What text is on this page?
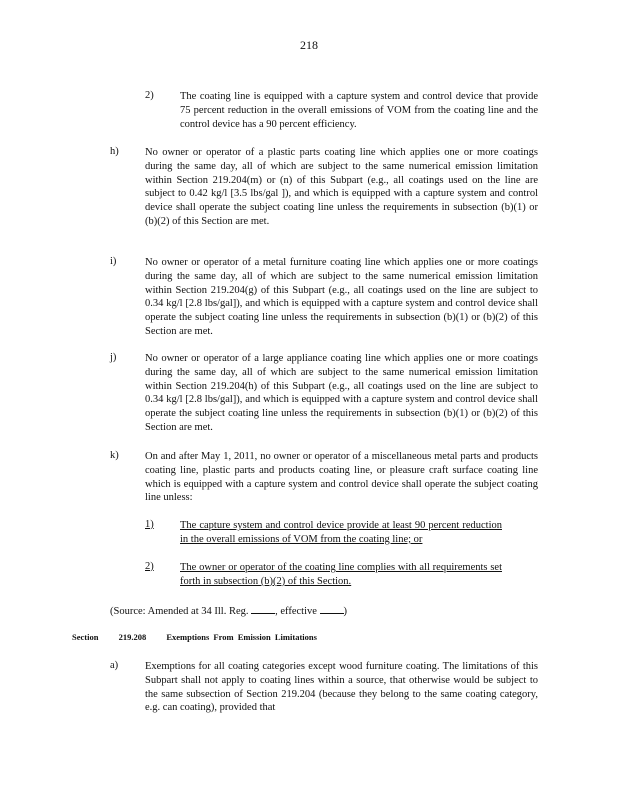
218
2)	The coating line is equipped with a capture system and control device that provide 75 percent reduction in the overall emissions of VOM from the coating line and the control device has a 90 percent efficiency.
h)	No owner or operator of a plastic parts coating line which applies one or more coatings during the same day, all of which are subject to the same numerical emission limitation within Section 219.204(m) or (n) of this Subpart (e.g., all coatings used on the line are subject to 0.42 kg/l [3.5 lbs/gal ]), and which is equipped with a capture system and control device shall operate the subject coating line unless the requirements in subsection (b)(1) or (b)(2) of this Section are met.
i)	No owner or operator of a metal furniture coating line which applies one or more coatings during the same day, all of which are subject to the same numerical emission limitation within Section 219.204(g) of this Subpart (e.g., all coatings used on the line are subject to 0.34 kg/l [2.8 lbs/gal]), and which is equipped with a capture system and control device shall operate the subject coating line unless the requirements in subsection (b)(1) or (b)(2) of this Section are met.
j)	No owner or operator of a large appliance coating line which applies one or more coatings during the same day, all of which are subject to the same numerical emission limitation within Section 219.204(h) of this Subpart (e.g., all coatings used on the line are subject to 0.34 kg/l [2.8 lbs/gal]), and which is equipped with a capture system and control device shall operate the subject coating line unless the requirements in subsection (b)(1) or (b)(2) of this Section are met.
k)	On and after May 1, 2011, no owner or operator of a miscellaneous metal parts and products coating line, plastic parts and products coating line, or pleasure craft surface coating line which is equipped with a capture system and control device shall operate the subject coating line unless:
1)	The capture system and control device provide at least 90 percent reduction in the overall emissions of VOM from the coating line; or
2)	The owner or operator of the coating line complies with all requirements set forth in subsection (b)(2) of this Section.
(Source: Amended at 34 Ill. Reg.	, effective	)
Section 219.208 Exemptions From Emission Limitations
a)	Exemptions for all coating categories except wood furniture coating. The limitations of this Subpart shall not apply to coating lines within a source, that otherwise would be subject to the same subsection of Section 219.204 (because they belong to the same coating category, e.g. can coating), provided that
